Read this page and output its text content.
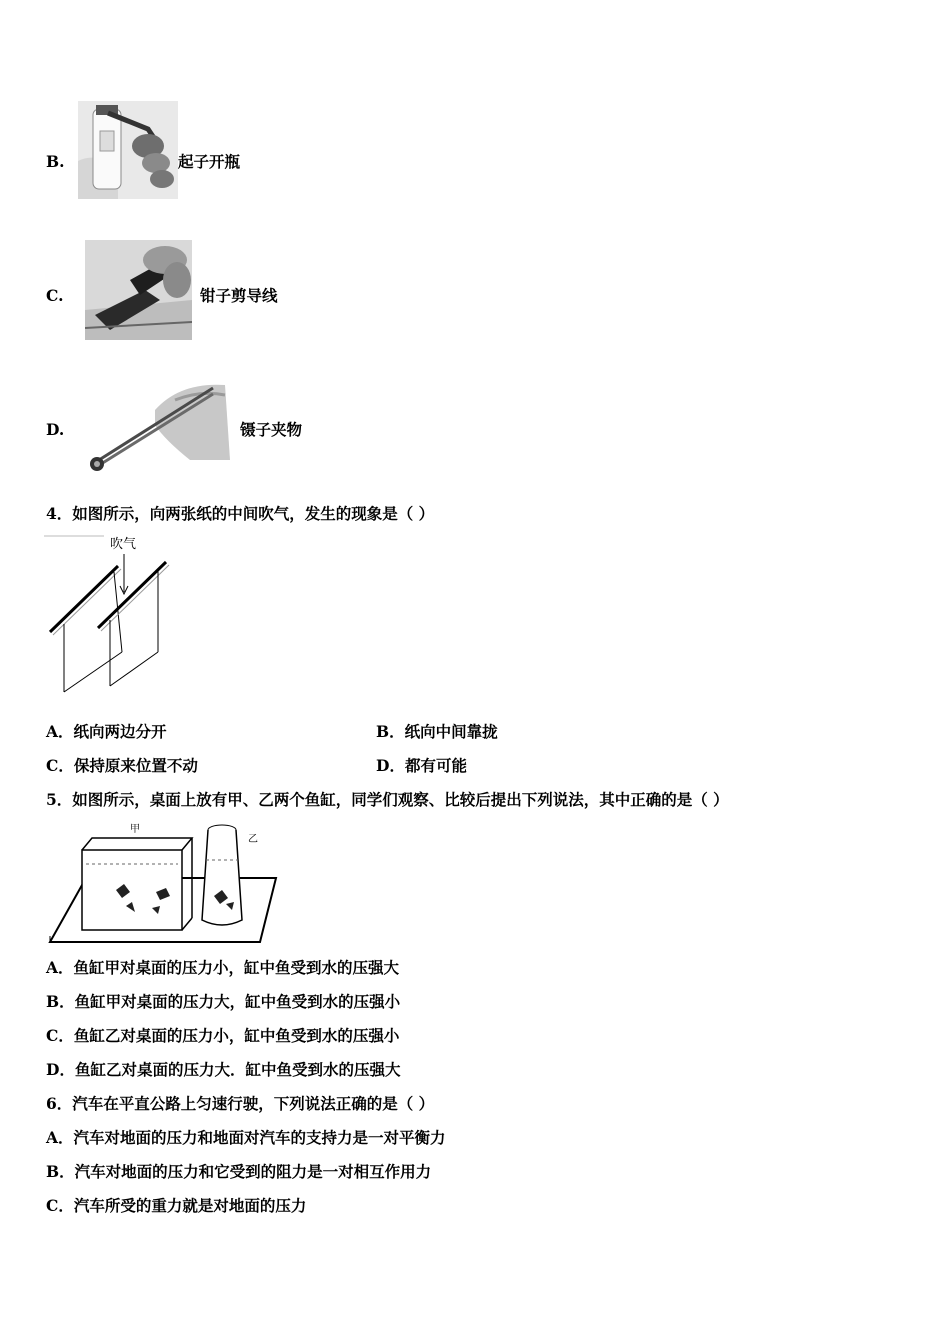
B.	起子开瓶
C.	钳子剪导线
D.	镊子夹物
4．如图所示，向两张纸的中间吹气，发生的现象是（ ）
吹气
A．纸向两边分开	B．纸向中间靠拢
C．保持原来位置不动	D．都有可能
5．如图所示，桌面上放有甲、乙两个鱼缸，同学们观察、比较后提出下列说法，其中正确的是（ ）
甲
乙
A．鱼缸甲对桌面的压力小，缸中鱼受到水的压强大
B．鱼缸甲对桌面的压力大，缸中鱼受到水的压强小
C．鱼缸乙对桌面的压力小，缸中鱼受到水的压强小
D．鱼缸乙对桌面的压力大．缸中鱼受到水的压强大
6．汽车在平直公路上匀速行驶，下列说法正确的是（ ）
A．汽车对地面的压力和地面对汽车的支持力是一对平衡力
B．汽车对地面的压力和它受到的阻力是一对相互作用力
C．汽车所受的重力就是对地面的压力
